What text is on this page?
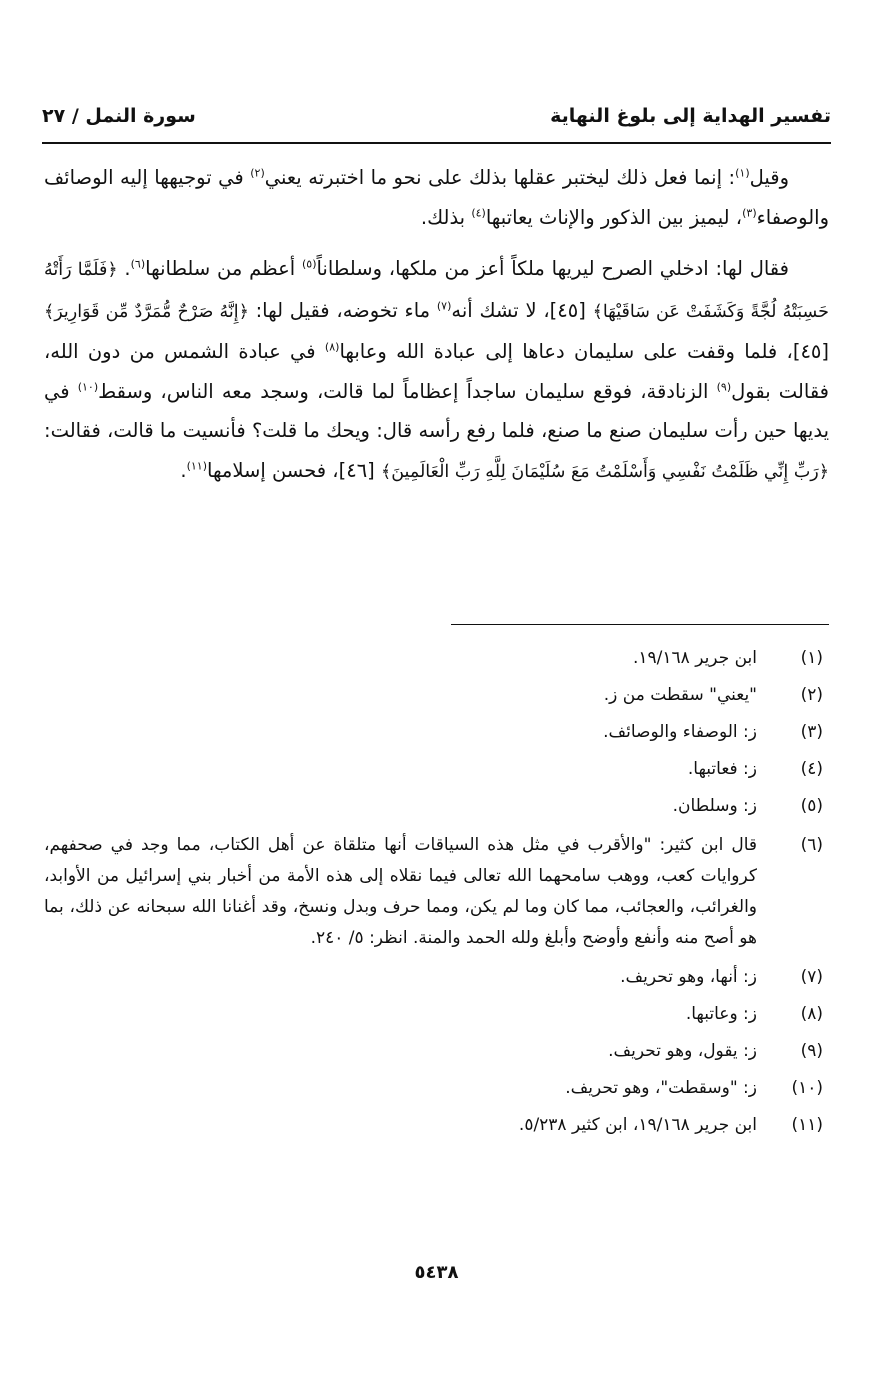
تفسير الهداية إلى بلوغ النهاية
سورة النمل / ٢٧

وقيل$^{(١)}$: إنما فعل ذلك ليختبر عقلها بذلك على نحو ما اختبرته يعني$^{(٢)}$ في توجيهها إليه الوصائف والوصفاء$^{(٣)}$، ليميز بين الذكور والإناث يعاتبها$^{(٤)}$ بذلك.

فقال لها: ادخلي الصرح ليريها ملكاً أعز من ملكها، وسلطاناً$^{(٥)}$ أعظم من سلطانها$^{(٦)}$. ﴿فَلَمَّا رَأَتْهُ حَسِبَتْهُ لُجَّةً وَكَشَفَتْ عَن سَاقَيْهَا﴾ [٤٥]، لا تشك أنه$^{(٧)}$ ماء تخوضه، فقيل لها: ﴿إِنَّهُ صَرْحٌ مُّمَرَّدٌ مِّن قَوَارِيرَ﴾ [٤٥]، فلما وقفت على سليمان دعاها إلى عبادة الله وعابها$^{(٨)}$ في عبادة الشمس من دون الله، فقالت بقول$^{(٩)}$ الزنادقة، فوقع سليمان ساجداً إعظاماً لما قالت، وسجد معه الناس، وسقط$^{(١٠)}$ في يديها حين رأت سليمان صنع ما صنع، فلما رفع رأسه قال: ويحك ما قلت؟ فأنسيت ما قالت، فقالت: ﴿رَبِّ إِنِّي ظَلَمْتُ نَفْسِي وَأَسْلَمْتُ مَعَ سُلَيْمَانَ لِلَّهِ رَبِّ الْعَالَمِينَ﴾ [٤٦]، فحسن إسلامها$^{(١١)}$.

(١)
ابن جرير ١٩/١٦٨.
(٢)
"يعني" سقطت من ز.
(٣)
ز: الوصفاء والوصائف.
(٤)
ز: فعاتبها.
(٥)
ز: وسلطان.
(٦)
قال ابن كثير: "والأقرب في مثل هذه السياقات أنها متلقاة عن أهل الكتاب، مما وجد في صحفهم، كروايات كعب، ووهب سامحهما الله تعالى فيما نقلاه إلى هذه الأمة من أخبار بني إسرائيل من الأوابد، والغرائب، والعجائب، مما كان وما لم يكن، ومما حرف وبدل ونسخ، وقد أغنانا الله سبحانه عن ذلك، بما هو أصح منه وأنفع وأوضح وأبلغ ولله الحمد والمنة. انظر: ٥/ ٢٤٠.
(٧)
ز: أنها، وهو تحريف.
(٨)
ز: وعاتبها.
(٩)
ز: يقول، وهو تحريف.
(١٠)
ز: "وسقطت"، وهو تحريف.
(١١)
ابن جرير ١٩/١٦٨، ابن كثير ٥/٢٣٨.
٥٤٣٨
